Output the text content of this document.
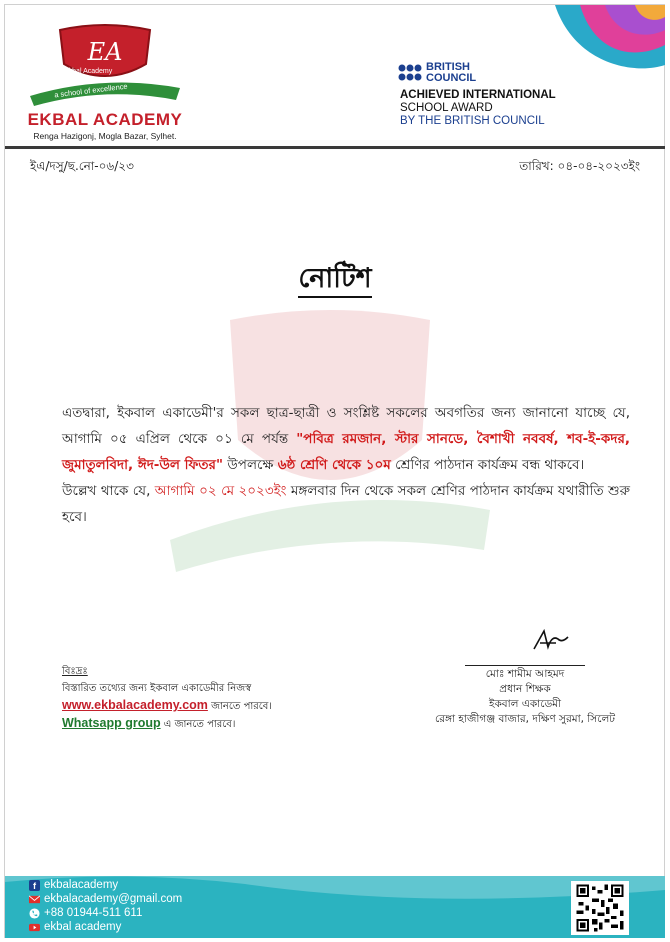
EA
Ekbal Academy
a school of excellence
EKBAL ACADEMY
Renga Hazigonj, Mogla Bazar, Sylhet.
BRITISH
COUNCIL
ACHIEVED INTERNATIONAL
SCHOOL AWARD
BY THE BRITISH COUNCIL
ইএ/দসু/ছ.নো-০৬/২৩	তারিখ: ০৪-০৪-২০২৩ইং
নোটিশ

এতদ্বারা, ইকবাল একাডেমী'র সকল ছাত্র-ছাত্রী ও সংশ্লিষ্ট সকলের অবগতির জন্য জানানো যাচ্ছে যে, আগামি ০৫ এপ্রিল থেকে ০১ মে পর্যন্ত "পবিত্র রমজান, স্টার সানডে, বৈশাখী নববর্ষ, শব-ই-কদর, জুমাতুলবিদা, ঈদ-উল ফিতর" উপলক্ষে ৬ষ্ঠ শ্রেণি থেকে ১০ম শ্রেণির পাঠদান কার্যক্রম বন্ধ থাকবে।

উল্লেখ থাকে যে, আগামি ০২ মে ২০২৩ইং মঙ্গলবার দিন থেকে সকল শ্রেণির পাঠদান কার্যক্রম যথারীতি শুরু হবে।

মোঃ শামীম আহমদ
প্রধান শিক্ষক
ইকবাল একাডেমী
রেঙ্গা হাজীগঞ্জ বাজার, দক্ষিণ সুরমা, সিলেট
বিঃদ্রঃ
বিস্তারিত তথ্যের জন্য ইকবাল একাডেমীর নিজস্ব
www.ekbalacademy.com জানতে পারবে।
Whatsapp group এ জানতে পারবে।
f ekbalacademy
ekbalacademy@gmail.com
+88 01944-511 611
ekbal academy
